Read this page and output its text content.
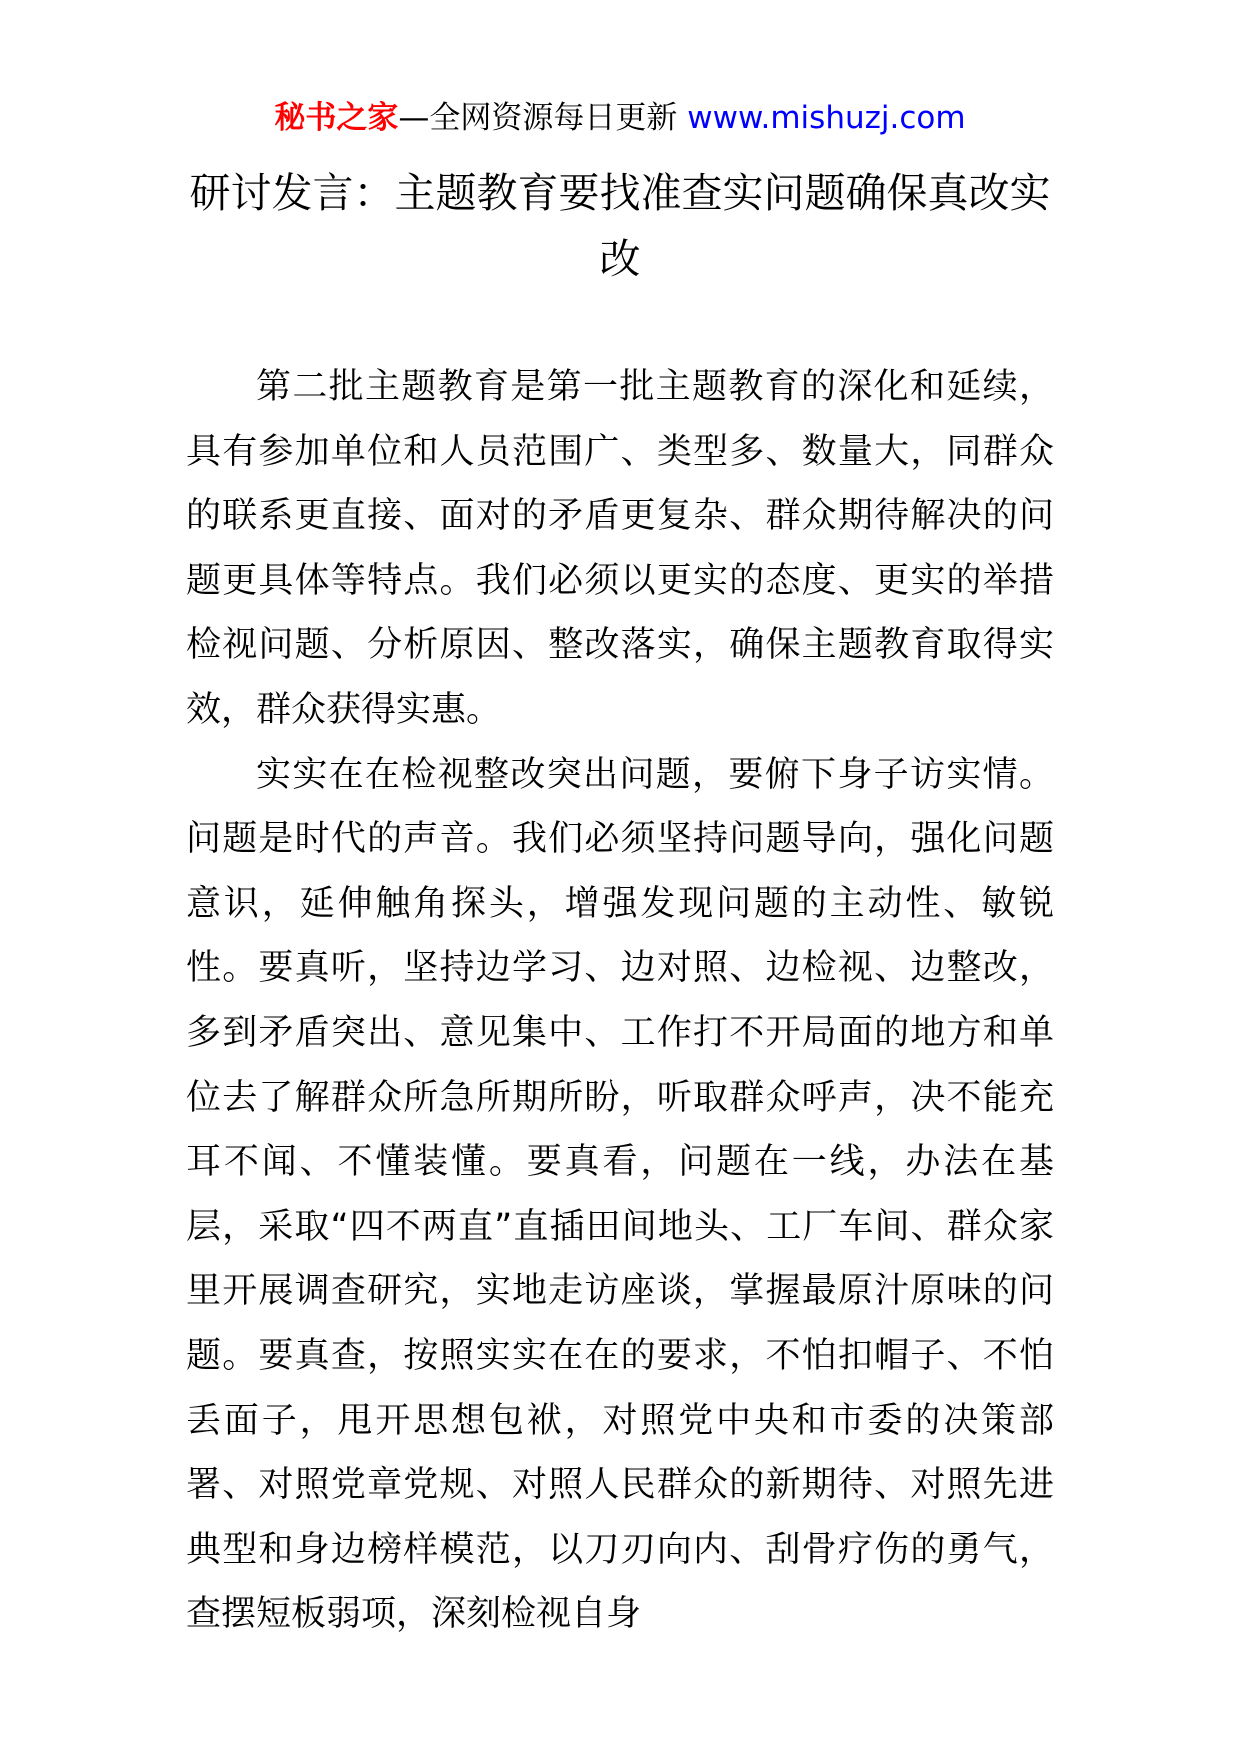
秘书之家—全网资源每日更新 www.mishuzj.com
研讨发言：主题教育要找准查实问题确保真改实改

第二批主题教育是第一批主题教育的深化和延续，具有参加单位和人员范围广、类型多、数量大，同群众的联系更直接、面对的矛盾更复杂、群众期待解决的问题更具体等特点。我们必须以更实的态度、更实的举措检视问题、分析原因、整改落实，确保主题教育取得实效，群众获得实惠。

实实在在检视整改突出问题，要俯下身子访实情。问题是时代的声音。我们必须坚持问题导向，强化问题意识，延伸触角探头，增强发现问题的主动性、敏锐性。要真听，坚持边学习、边对照、边检视、边整改，多到矛盾突出、意见集中、工作打不开局面的地方和单位去了解群众所急所期所盼，听取群众呼声，决不能充耳不闻、不懂装懂。要真看，问题在一线，办法在基层，采取“四不两直”直插田间地头、工厂车间、群众家里开展调查研究，实地走访座谈，掌握最原汁原味的问题。要真查，按照实实在在的要求，不怕扣帽子、不怕丢面子，甩开思想包袱，对照党中央和市委的决策部署、对照党章党规、对照人民群众的新期待、对照先进典型和身边榜样模范，以刀刃向内、刮骨疗伤的勇气，查摆短板弱项，深刻检视自身
